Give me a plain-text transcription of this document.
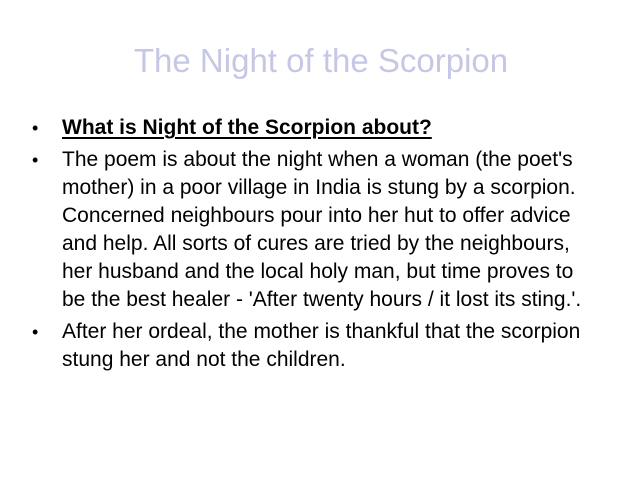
The Night of the Scorpion
• What is Night of the Scorpion about?
• The poem is about the night when a woman (the poet's mother) in a poor village in India is stung by a scorpion. Concerned neighbours pour into her hut to offer advice and help. All sorts of cures are tried by the neighbours, her husband and the local holy man, but time proves to be the best healer - 'After twenty hours / it lost its sting.'.
• After her ordeal, the mother is thankful that the scorpion stung her and not the children.
